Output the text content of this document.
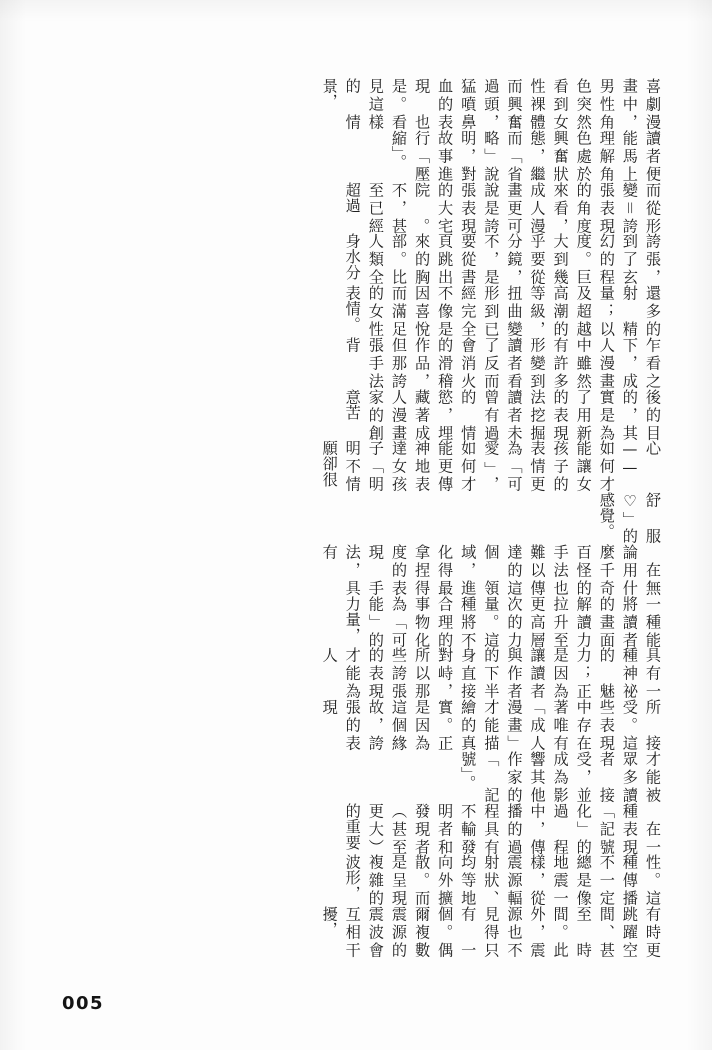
喜劇漫畫中，男性角色突然看到女性裸體而興奮過頭，猛噴鼻血的表現也是。看見這樣的情景，
讀者便能馬上理解角色處於興奮狀態，繼而「省略」說明，對故事進行「壓縮」。
而從形變＝誇張表現的角度來看，成人漫畫更可說是誇張表現的大宅院。不，甚至已經超過
誇張，到了玄幻的程度。巨大到幾乎要從分鏡，不，是要從書頁跳出來的胸部。比人類全身水分
還多的射精量；以及超越高潮的等級，扭曲變形到已經完全不像是因喜悅而滿足的女性表情。
乍看之下，成人漫畫中雖然有許多形變到讀者看了反而會消火的滑稽作品，但那誇張手法背
後的目的，其實是為了用新的表現法挖掘讀者未曾有過的情慾，埋藏著成人漫畫家的創意苦
心——如何才能讓女孩子的表情更為「可愛」，如何才能更傳神地表達女孩子「明明不情願卻很
舒服♡」的感覺。
　在無論用什麼千奇百怪的手法也難以傳達的這個領域，進化得最拿捏得度的表現手法，具有
一種能將讀者的畫面解讀力拉升至更高層次的力量。這種將不合理的事物化為「可能」的力量，
具有一種神祕的魅力；正是因為讓讀者與作者的下半身直接對峙，所以那些誇張的表現才能為人
所接受。這些表現中存在著唯有「成人漫畫」才能描繪的真實。正是因為這個緣故，誇張的表現
才能被眾多讀者接受，並成為影響其他作家的「記號」。
　在一種表現「記號化」的過程中，傳播的過程具有不輸發明者和發現者（甚至更大）的重要
性。這種傳播不一定總是像地震一樣，從震源輻射狀、均等地向外擴散。而是呈現複雜的波形，
有時更跳躍空間、甚至時間。此外，震源也不見得只有一個。偶爾複數震源的震波會互相干擾，
005
